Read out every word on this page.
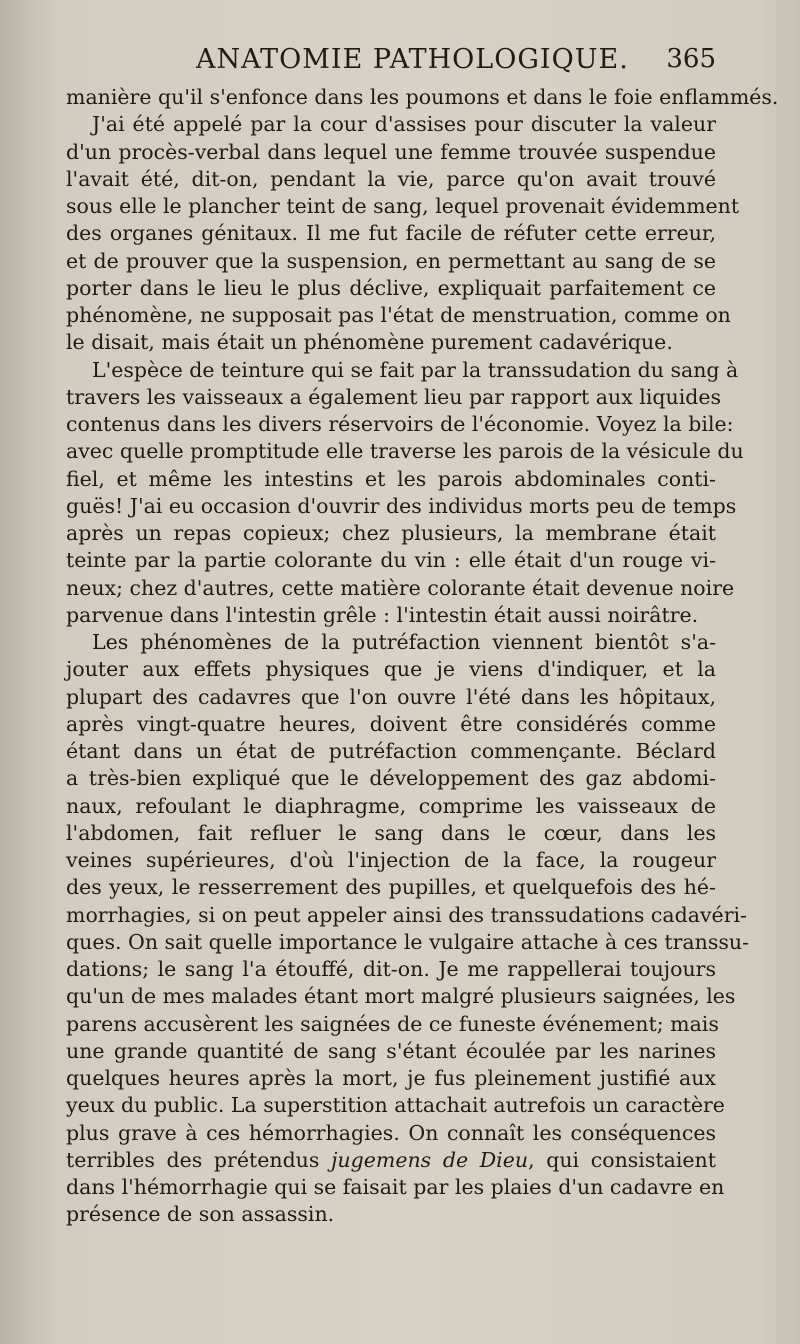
ANATOMIE PATHOLOGIQUE. 365
manière qu'il s'enfonce dans les poumons et dans le foie enflammés.
J'ai été appelé par la cour d'assises pour discuter la valeur
d'un procès-verbal dans lequel une femme trouvée suspendue
l'avait été, dit-on, pendant la vie, parce qu'on avait trouvé
sous elle le plancher teint de sang, lequel provenait évidemment
des organes génitaux. Il me fut facile de réfuter cette erreur,
et de prouver que la suspension, en permettant au sang de se
porter dans le lieu le plus déclive, expliquait parfaitement ce
phénomène, ne supposait pas l'état de menstruation, comme on
le disait, mais était un phénomène purement cadavérique.
L'espèce de teinture qui se fait par la transsudation du sang à
travers les vaisseaux a également lieu par rapport aux liquides
contenus dans les divers réservoirs de l'économie. Voyez la bile:
avec quelle promptitude elle traverse les parois de la vésicule du
fiel, et même les intestins et les parois abdominales conti-
guës! J'ai eu occasion d'ouvrir des individus morts peu de temps
après un repas copieux; chez plusieurs, la membrane était
teinte par la partie colorante du vin : elle était d'un rouge vi-
neux; chez d'autres, cette matière colorante était devenue noire
parvenue dans l'intestin grêle : l'intestin était aussi noirâtre.
Les phénomènes de la putréfaction viennent bientôt s'a-
jouter aux effets physiques que je viens d'indiquer, et la
plupart des cadavres que l'on ouvre l'été dans les hôpitaux,
après vingt-quatre heures, doivent être considérés comme
étant dans un état de putréfaction commençante. Béclard
a très-bien expliqué que le développement des gaz abdomi-
naux, refoulant le diaphragme, comprime les vaisseaux de
l'abdomen, fait refluer le sang dans le cœur, dans les
veines supérieures, d'où l'injection de la face, la rougeur
des yeux, le resserrement des pupilles, et quelquefois des hé-
morrhagies, si on peut appeler ainsi des transsudations cadavéri-
ques. On sait quelle importance le vulgaire attache à ces transsu-
dations; le sang l'a étouffé, dit-on. Je me rappellerai toujours
qu'un de mes malades étant mort malgré plusieurs saignées, les
parens accusèrent les saignées de ce funeste événement; mais
une grande quantité de sang s'étant écoulée par les narines
quelques heures après la mort, je fus pleinement justifié aux
yeux du public. La superstition attachait autrefois un caractère
plus grave à ces hémorrhagies. On connaît les conséquences
terribles des prétendus jugemens de Dieu, qui consistaient
dans l'hémorrhagie qui se faisait par les plaies d'un cadavre en
présence de son assassin.
